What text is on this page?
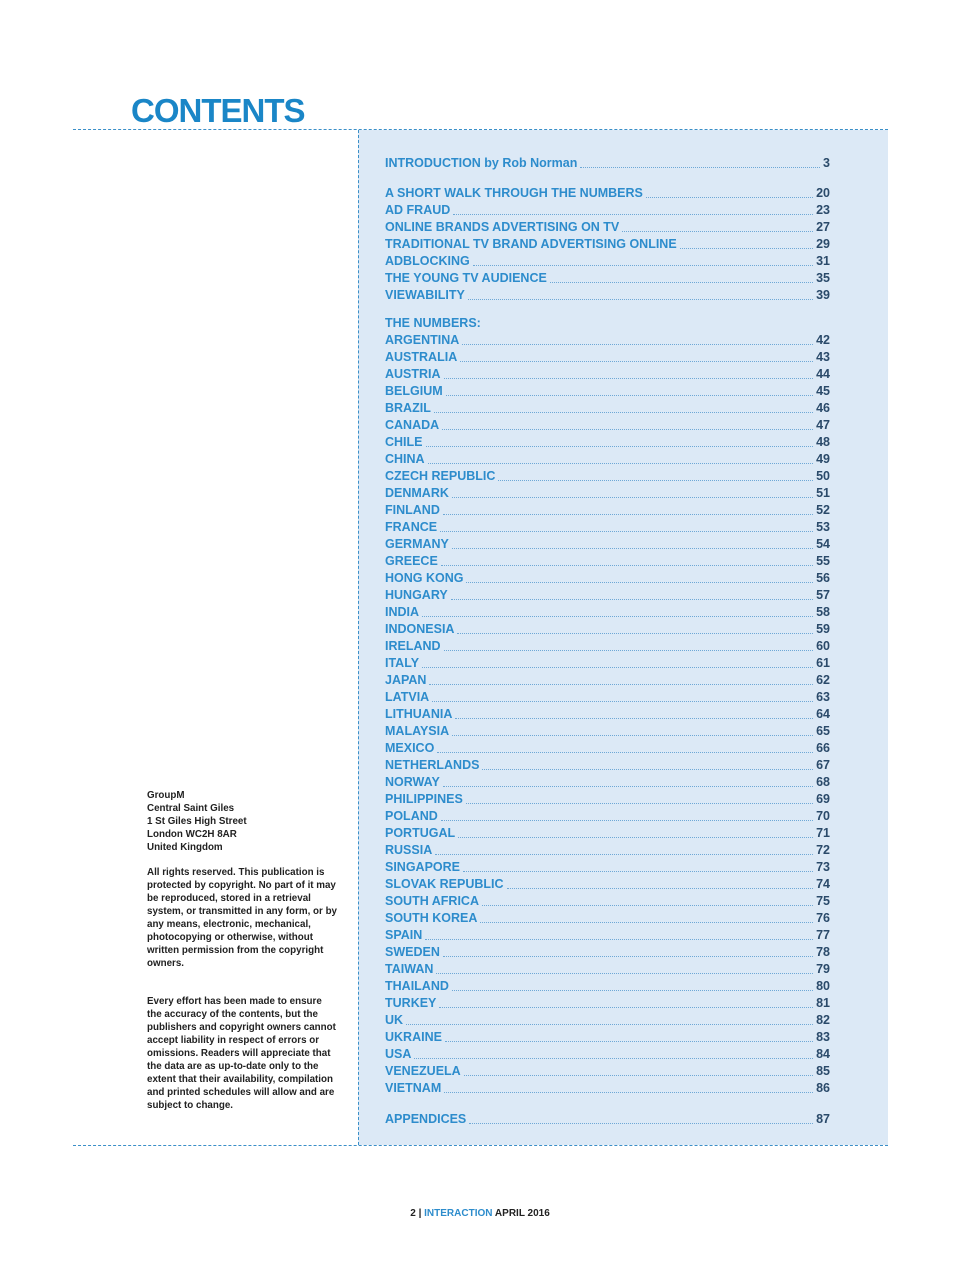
CONTENTS
INTRODUCTION by Rob Norman	3
A SHORT WALK THROUGH THE NUMBERS	20
AD FRAUD	23
ONLINE BRANDS ADVERTISING ON TV	27
TRADITIONAL TV BRAND ADVERTISING ONLINE	29
ADBLOCKING	31
THE YOUNG TV AUDIENCE	35
VIEWABILITY	39
THE NUMBERS:
ARGENTINA	42
AUSTRALIA	43
AUSTRIA	44
BELGIUM	45
BRAZIL	46
CANADA	47
CHILE	48
CHINA	49
CZECH REPUBLIC	50
DENMARK	51
FINLAND	52
FRANCE	53
GERMANY	54
GREECE	55
HONG KONG	56
HUNGARY	57
INDIA	58
INDONESIA	59
IRELAND	60
ITALY	61
JAPAN	62
LATVIA	63
LITHUANIA	64
MALAYSIA	65
MEXICO	66
NETHERLANDS	67
NORWAY	68
PHILIPPINES	69
POLAND	70
PORTUGAL	71
RUSSIA	72
SINGAPORE	73
SLOVAK REPUBLIC	74
SOUTH AFRICA	75
SOUTH KOREA	76
SPAIN	77
SWEDEN	78
TAIWAN	79
THAILAND	80
TURKEY	81
UK	82
UKRAINE	83
USA	84
VENEZUELA	85
VIETNAM	86
APPENDICES	87

GroupM

Central Saint Giles

1 St Giles High Street

London WC2H 8AR

United Kingdom

All rights reserved. This publication is protected by copyright. No part of it may be reproduced, stored in a retrieval system, or transmitted in any form, or by any means, electronic, mechanical, photocopying or otherwise, without written permission from the copyright owners.

Every effort has been made to ensure the accuracy of the contents, but the publishers and copyright owners cannot accept liability in respect of errors or omissions. Readers will appreciate that the data are as up-to-date only to the extent that their availability, compilation and printed schedules will allow and are subject to change.

2 | INTERACTION APRIL 2016
